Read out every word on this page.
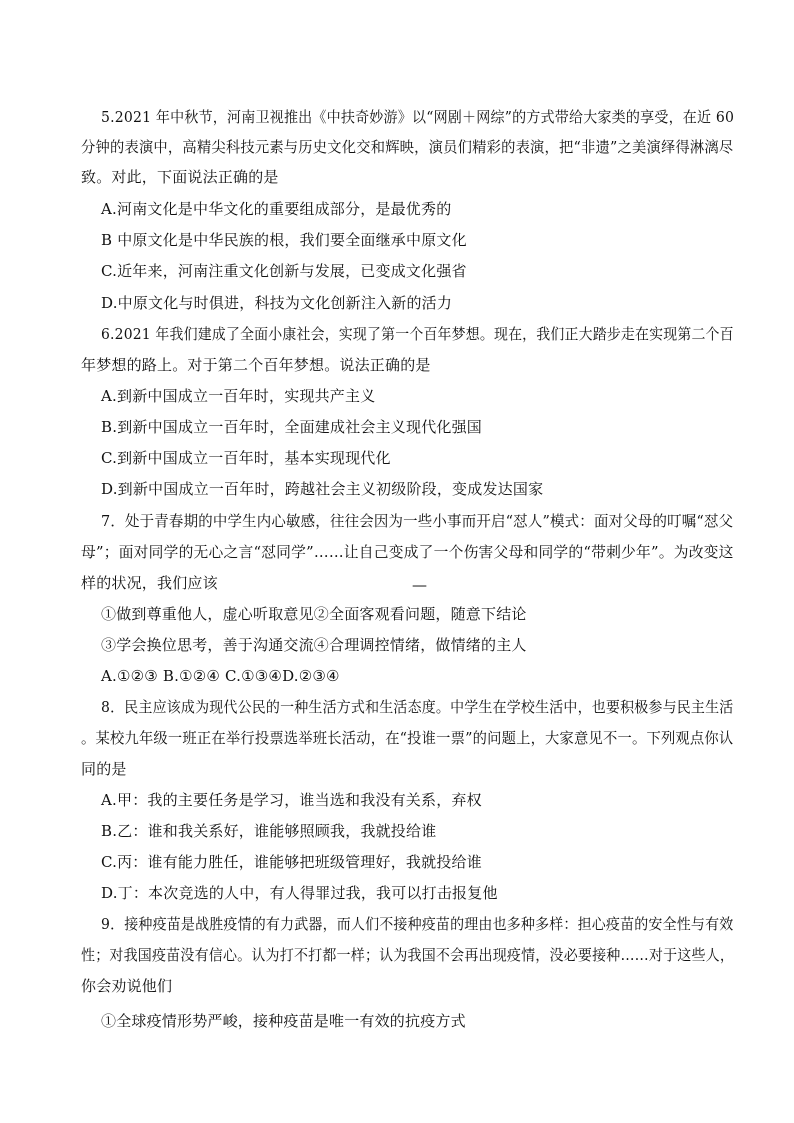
5.2021 年中秋节，河南卫视推出《中扶奇妙游》以“网剧＋网综”的方式带给大家类的享受，在近 60
分钟的表演中，高精尖科技元素与历史文化交和辉映，演员们精彩的表演，把“非遗”之美演绎得淋漓尽
致。对此，下面说法正确的是
A.河南文化是中华文化的重要组成部分，是最优秀的
B 中原文化是中华民族的根，我们要全面继承中原文化
C.近年来，河南注重文化创新与发展，已变成文化强省
D.中原文化与时俱进，科技为文化创新注入新的活力
6.2021 年我们建成了全面小康社会，实现了第一个百年梦想。现在，我们正大踏步走在实现第二个百
年梦想的路上。对于第二个百年梦想。说法正确的是
A.到新中国成立一百年时，实现共产主义
B.到新中国成立一百年时，全面建成社会主义现代化强国
C.到新中国成立一百年时，基本实现现代化
D.到新中国成立一百年时，跨越社会主义初级阶段，变成发达国家
7．处于青春期的中学生内心敏感，往往会因为一些小事而开启“怼人”模式：面对父母的叮嘱“怼父
母”；面对同学的无心之言“怼同学”……让自己变成了一个伤害父母和同学的“带刺少年”。为改变这
样的状况，我们应该	—
①做到尊重他人，虚心听取意见②全面客观看问题，随意下结论
③学会换位思考，善于沟通交流④合理调控情绪，做情绪的主人
A.①②③ B.①②④ C.①③④D.②③④
8．民主应该成为现代公民的一种生活方式和生活态度。中学生在学校生活中，也要积极参与民主生活
。某校九年级一班正在举行投票选举班长活动，在“投谁一票”的问题上，大家意见不一。下列观点你认
同的是
A.甲：我的主要任务是学习，谁当选和我没有关系，弃权
B.乙：谁和我关系好，谁能够照顾我，我就投给谁
C.丙：谁有能力胜任，谁能够把班级管理好，我就投给谁
D.丁：本次竞选的人中，有人得罪过我，我可以打击报复他
9．接种疫苗是战胜疫情的有力武器，而人们不接种疫苗的理由也多种多样：担心疫苗的安全性与有效
性；对我国疫苗没有信心。认为打不打都一样；认为我国不会再出现疫情，没必要接种……对于这些人，
你会劝说他们
①全球疫情形势严峻，接种疫苗是唯一有效的抗疫方式
